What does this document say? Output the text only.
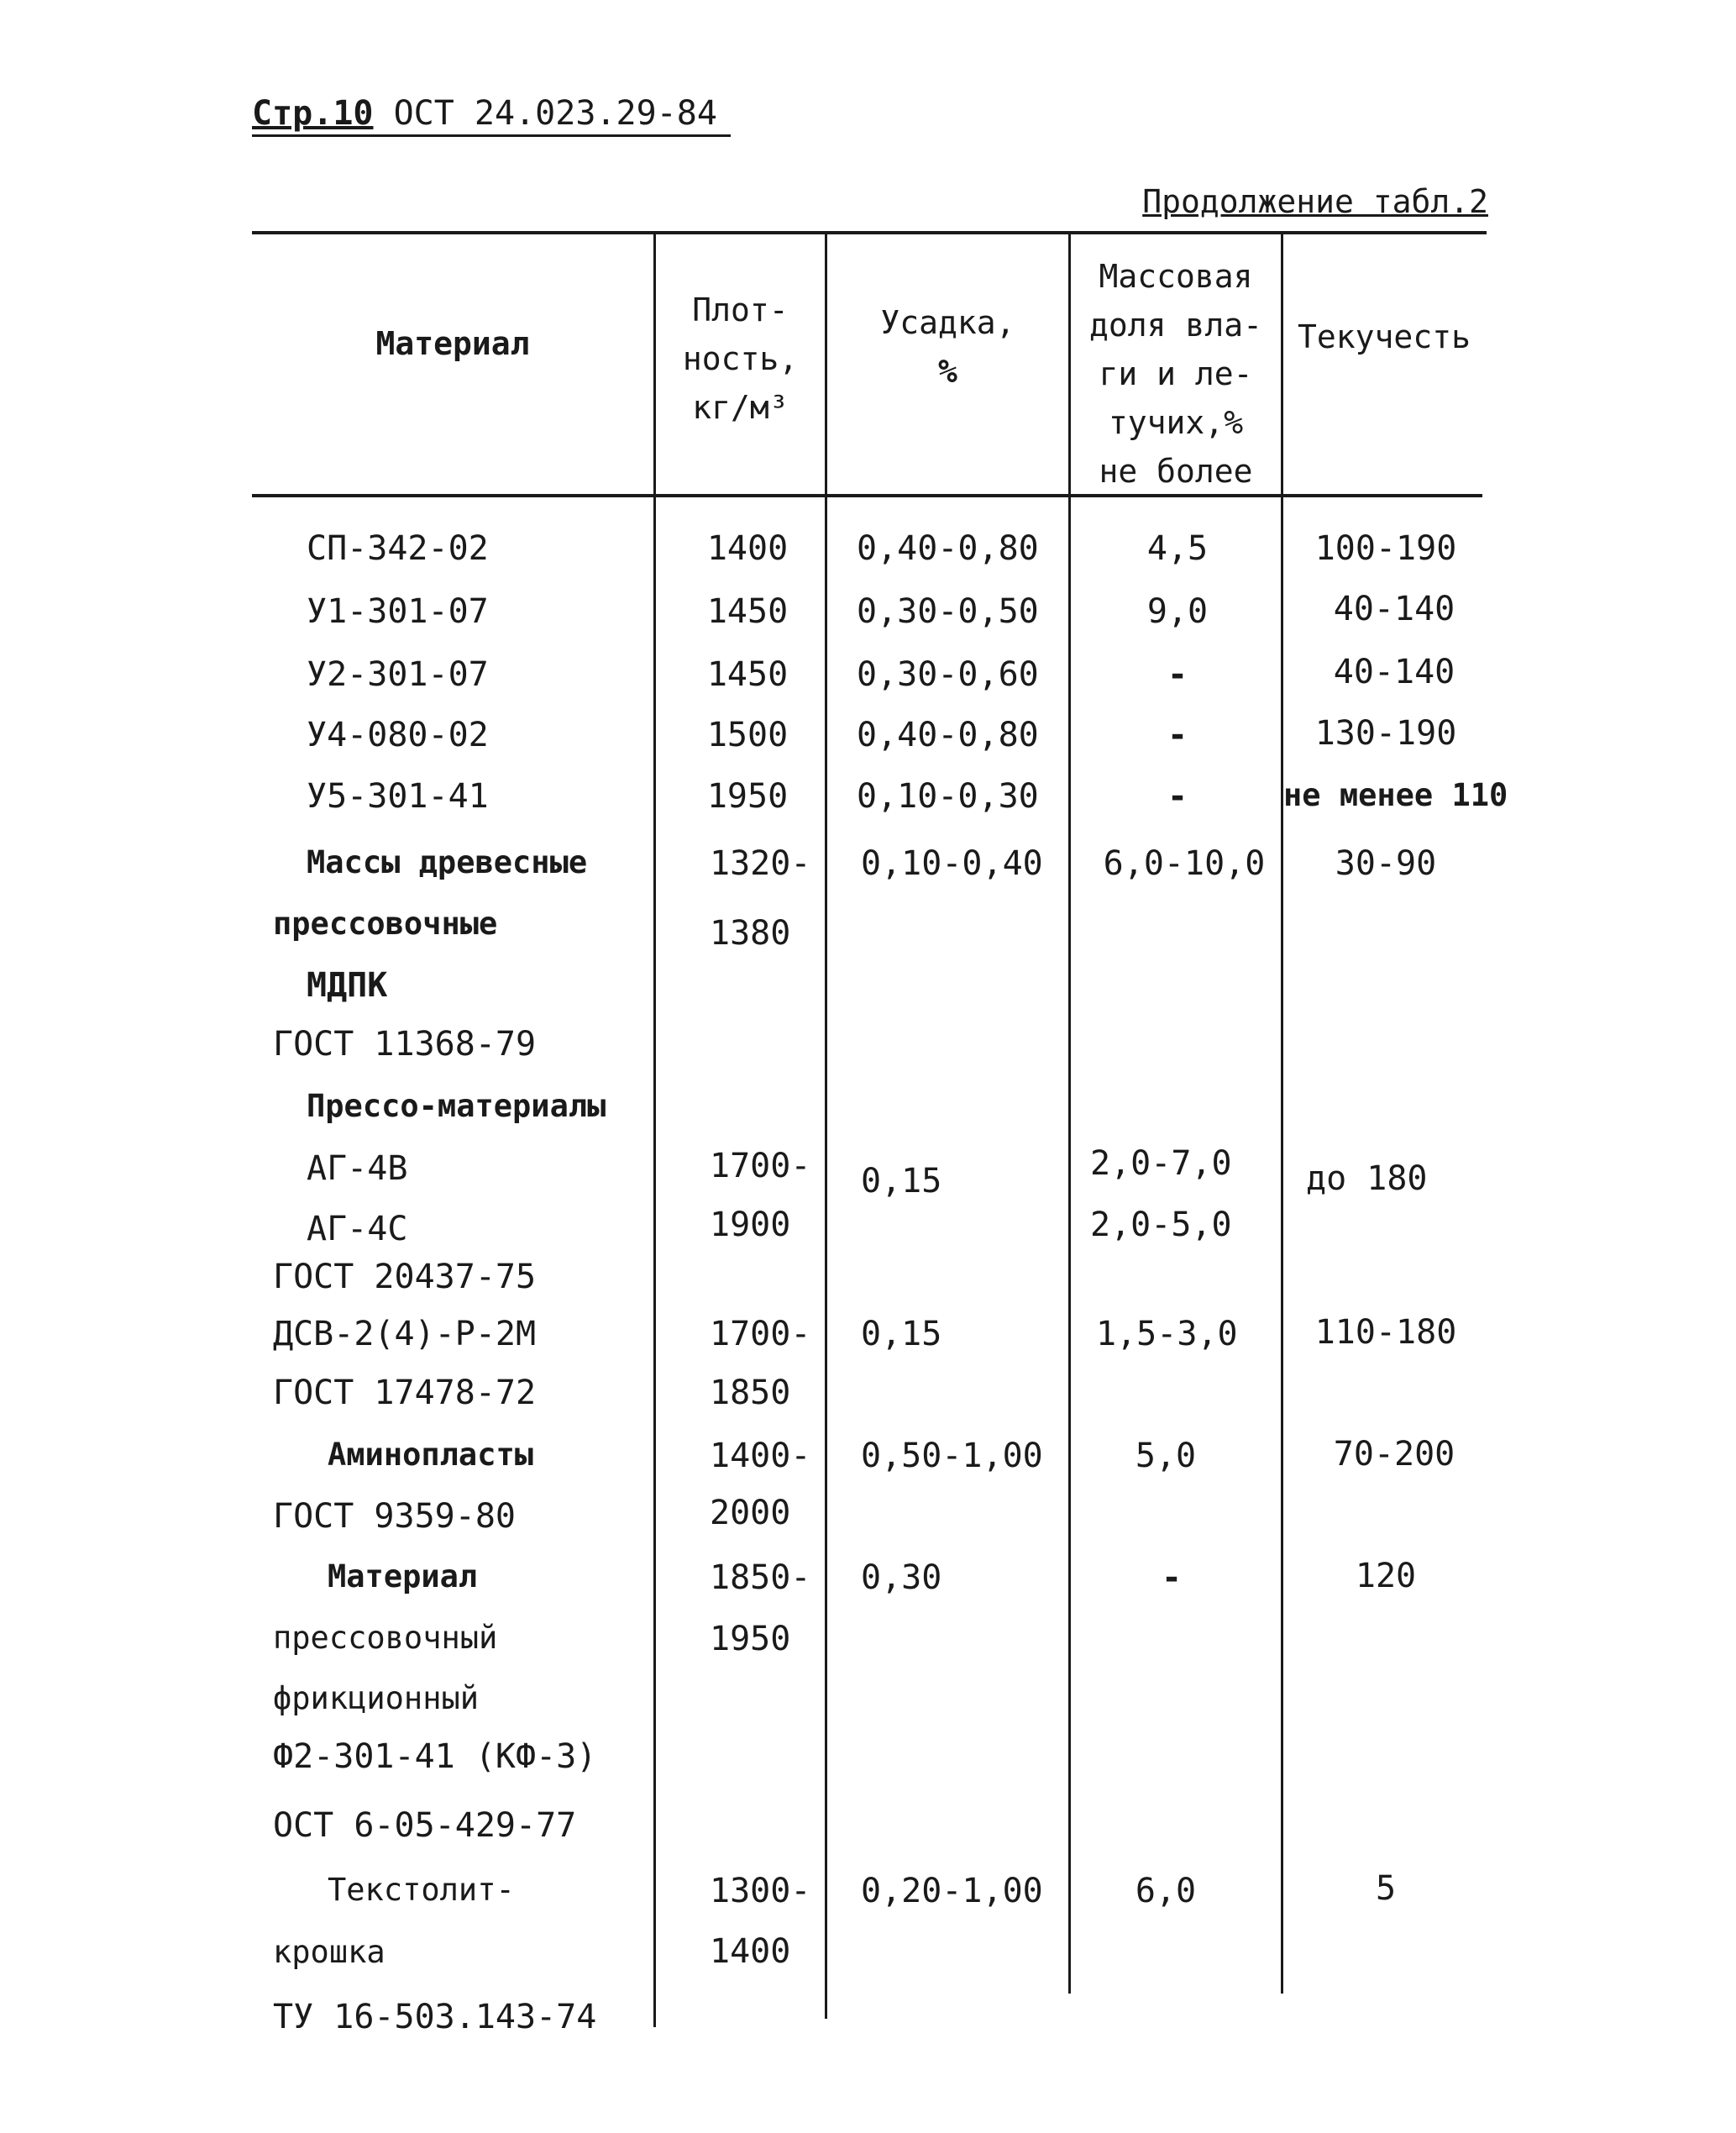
Стр.10 ОСТ 24.023.29-84
Продолжение табл.2
Материал
Плот-
ность,
кг/м³
Усадка,
%
Массовая
доля вла-
ги и ле-
тучих,%
не более
Текучесть
СП-342-02
У1-301-07
У2-301-07
У4-080-02
У5-301-41
Массы древесные
прессовочные
МДПК
ГОСТ 11368-79
Прессо-материалы
АГ-4В
АГ-4С
ГОСТ 20437-75
ДСВ-2(4)-Р-2М
ГОСТ 17478-72
Аминопласты
ГОСТ 9359-80
Материал
прессовочный
фрикционный
Ф2-301-41 (КФ-3)
ОСТ 6-05-429-77
Текстолит-
крошка
ТУ 16-503.143-74
1400
1450
1450
1500
1950
1320-
1380
1700-
1900
1700-
1850
1400-
2000
1850-
1950
1300-
1400
0,40-0,80
0,30-0,50
0,30-0,60
0,40-0,80
0,10-0,30
0,10-0,40
0,15
0,15
0,50-1,00
0,30
0,20-1,00
4,5
9,0
-
-
-
6,0-10,0
2,0-7,0
2,0-5,0
1,5-3,0
5,0
-
6,0
100-190
40-140
40-140
130-190
не менее 110
30-90
до 180
110-180
70-200
120
5
